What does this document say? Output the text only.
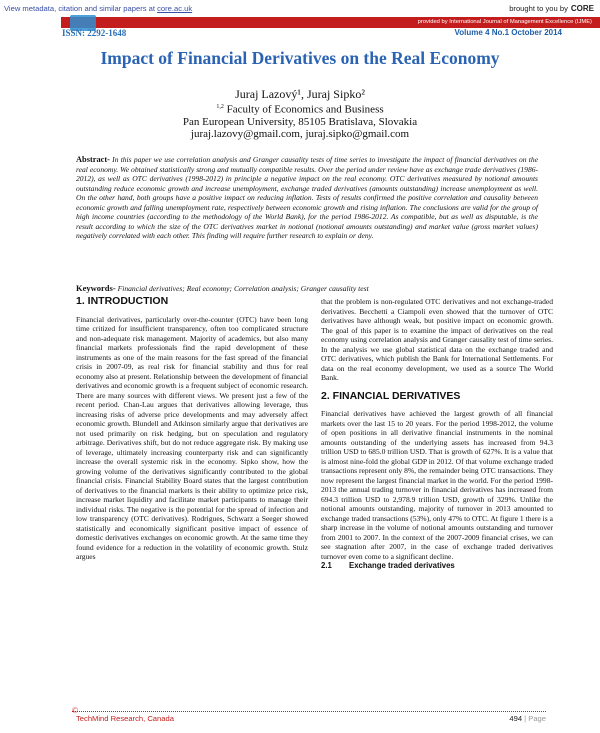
View metadata, citation and similar papers at core.ac.uk	brought to you by CORE
provided by International Journal of Management Excellence (IJME)
ISSN: 2292-1648	Volume 4 No.1 October 2014
Impact of Financial Derivatives on the Real Economy
Juraj Lazový¹, Juraj Sipko²
$^{1,2}$ Faculty of Economics and Business
Pan European University, 85105 Bratislava, Slovakia
juraj.lazovy@gmail.com, juraj.sipko@gmail.com
Abstract- In this paper we use correlation analysis and Granger causality tests of time series to investigate the impact of financial derivatives on the real economy. We obtained statistically strong and mutually compatible results. Over the period under review have as exchange trade derivatives (1986-2012), as well as OTC derivatives (1998-2012) in principle a negative impact on the real economy. OTC derivatives measured by notional amounts outstanding reduce economic growth and increase unemployment, exchange traded derivatives (amounts outstanding) increase unemployment as well. On the other hand, both groups have a positive impact on reducing inflation. Tests of results confirmed the positive correlation and causality between economic growth and falling unemployment rate, respectively between economic growth and rising inflation. The conclusions are valid for the group of high income countries (according to the methodology of the World Bank), for the period 1986-2012. As compatible, but as well as disputable, is the result according to which the size of the OTC derivatives market in notional (notional amounts outstanding) and market value (gross market values) negatively correlated with each other. This finding will require further research to explain or deny.
Keywords- Financial derivatives; Real economy; Correlation analysis; Granger causality test
1. INTRODUCTION

Financial derivatives, particularly over-the-counter (OTC) have been long time critized for insufficient transparency, often too complicated structure and non-adequate risk management. Majority of academics, but also many financial markets professionals find the rapid development of these instruments as one of the main reasons for the fast spread of the financial crisis in 2007-09, as real risk for financial stability and thus for real economy also at present. Relationship between the development of financial derivatives and economic growth is a frequent subject of economic research. There are many sources with different views. We present just a few of the recent period. Chan-Lau argues that derivatives allowing leverage, thus increasing risks of adverse price developments and may adversely affect economic growth. Blundell and Atkinson similarly argue that derivatives are not used primarily on risk hedging, but on speculation and regulatory arbitrage. Derivatives shift, but do not reduce aggregate risk. By making use of leverage, ultimately increasing counterparty risk and can significantly increase the overall systemic risk in the economy. Sipko show, how the growing volume of the derivatives significantly contributed to the global financial crisis. Financial Stability Board states that the largest contribution of derivatives to the financial markets is their ability to optimize price risk, increase market liquidity and facilitate market participants to manage their individual risks. The negative is the potential for the spread of infection and low transparency (OTC derivatives). Rodrigues, Schwarz a Seeger showed statistically and economically significant positive impact of essence of domestic derivatives exchanges on economic growth. At the same time they found evidence for a reduction in the volatility of economic growth. Stulz argues

that the problem is non-regulated OTC derivatives and not exchange-traded derivatives. Becchetti a Ciampoli even showed that the turnover of OTC derivatives have although weak, but positive impact on economic growth. The goal of this paper is to examine the impact of derivatives on the real economy using correlation analysis and Granger causality test of time series. In the analysis we use global statistical data on the exchange traded and OTC derivatives, which publish the Bank for International Settlements. For data on the real economy development, we used as a source The World Bank.

2. FINANCIAL DERIVATIVES

Financial derivatives have achieved the largest growth of all financial markets over the last 15 to 20 years. For the period 1998-2012, the volume of open positions in all derivative financial instruments in the nominal amounts outstanding of the underlying assets has increased from 94.3 trillion USD to 685.0 trillion USD. That is growth of 627%. It is a value that is almost nine-fold the global GDP in 2012. Of that volume exchange traded transactions represent only 8%, the remainder being OTC transactions. They now represent the largest financial market in the world. For the period 1998-2013 the annual trading turnover in financial derivatives has increased from 694.3 trillion USD to 2,978.9 trillion USD, growth of 329%. Unlike the notional amounts outstanding, majority of turnover in 2013 amounted to exchange traded transactions (53%), only 47% to OTC. At figure 1 there is a sharp increase in the volume of notional amounts outstanding and turnover from 2001 to 2007. In the context of the 2007-2009 financial crises, we can see stagnation after 2007, in the case of exchange traded derivatives turnover even come to a significant decline.

2.1 Exchange traded derivatives
©
TechMind Research, Canada	494 | Page
